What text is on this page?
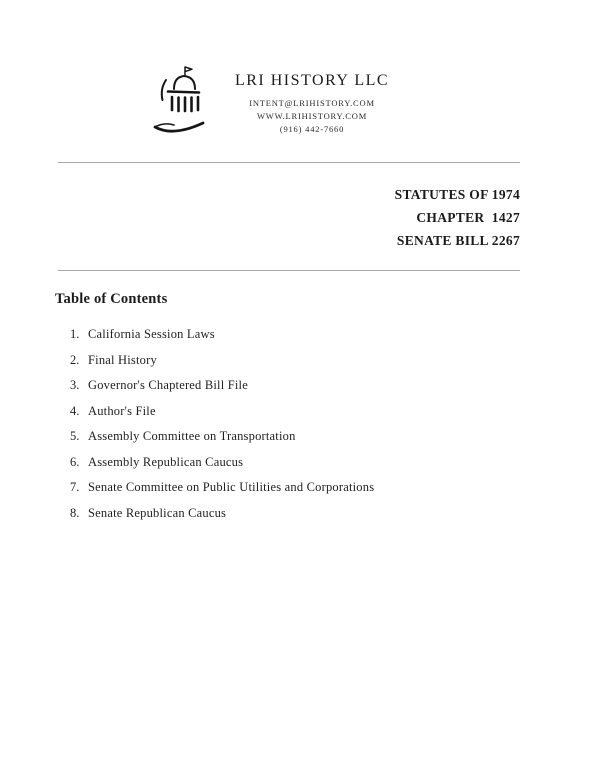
LRI HISTORY LLC
INTENT@LRIHISTORY.COM
WWW.LRIHISTORY.COM
(916) 442-7660
STATUTES OF 1974
CHAPTER  1427
SENATE BILL 2267
Table of Contents
1. California Session Laws
2. Final History
3. Governor's Chaptered Bill File
4. Author's File
5. Assembly Committee on Transportation
6. Assembly Republican Caucus
7. Senate Committee on Public Utilities and Corporations
8. Senate Republican Caucus
